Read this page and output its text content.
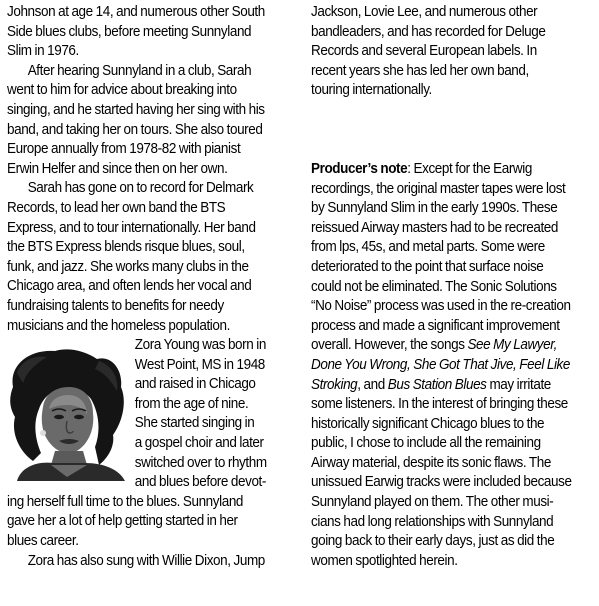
Johnson at age 14, and numerous other South
Side blues clubs, before meeting Sunnyland
Slim in 1976.
After hearing Sunnyland in a club, Sarah
went to him for advice about breaking into
singing, and he started having her sing with his
band, and taking her on tours. She also toured
Europe annually from 1978-82 with pianist
Erwin Helfer and since then on her own.
Sarah has gone on to record for Delmark
Records, to lead her own band the BTS
Express, and to tour internationally. Her band
the BTS Express blends risque blues, soul,
funk, and jazz. She works many clubs in the
Chicago area, and often lends her vocal and
fundraising talents to benefits for needy
musicians and the homeless population.
Zora Young was born in
West Point, MS in 1948
and raised in Chicago
from the age of nine.
She started singing in
a gospel choir and later
switched over to rhythm
and blues before devot-
ing herself full time to the blues. Sunnyland
gave her a lot of help getting started in her
blues career.
Zora has also sung with Willie Dixon, Jump
Jackson, Lovie Lee, and numerous other
bandleaders, and has recorded for Deluge
Records and several European labels. In
recent years she has led her own band,
touring internationally.
Producer’s note: Except for the Earwig
recordings, the original master tapes were lost
by Sunnyland Slim in the early 1990s. These
reissued Airway masters had to be recreated
from lps, 45s, and metal parts. Some were
deteriorated to the point that surface noise
could not be eliminated. The Sonic Solutions
“No Noise” process was used in the re-creation
process and made a significant improvement
overall. However, the songs See My Lawyer,
Done You Wrong, She Got That Jive, Feel Like
Stroking, and Bus Station Blues may irritate
some listeners. In the interest of bringing these
historically significant Chicago blues to the
public, I chose to include all the remaining
Airway material, despite its sonic flaws. The
unissued Earwig tracks were included because
Sunnyland played on them. The other musi-
cians had long relationships with Sunnyland
going back to their early days, just as did the
women spotlighted herein.
